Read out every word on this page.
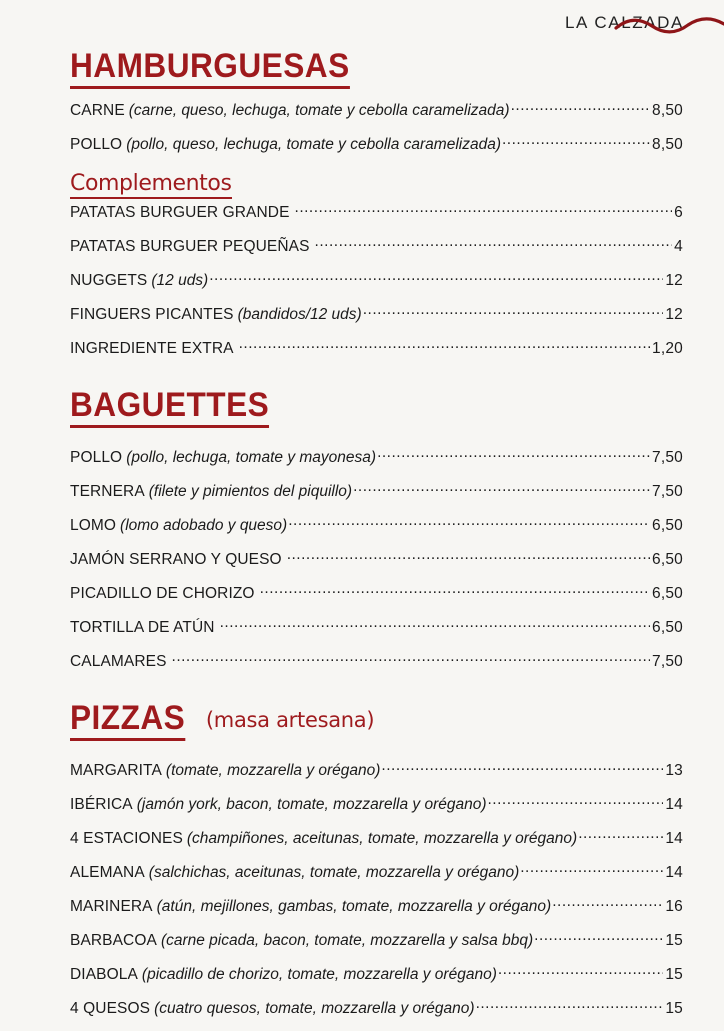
LA CALZADA
HAMBURGUESAS
CARNE (carne, queso, lechuga, tomate y cebolla caramelizada) .....	8,50
POLLO (pollo, queso, lechuga, tomate y cebolla caramelizada) .....	8,50
Complementos
PATATAS BURGUER GRANDE .....	6
PATATAS BURGUER PEQUEÑAS .....	4
NUGGETS (12 uds) .....	12
FINGUERS PICANTES (bandidos/12 uds) .....	12
INGREDIENTE EXTRA .....	1,20
BAGUETTES
POLLO (pollo, lechuga, tomate y mayonesa) .....	7,50
TERNERA (filete y pimientos del piquillo) .....	7,50
LOMO (lomo adobado y queso) .....	6,50
JAMÓN SERRANO Y QUESO .....	6,50
PICADILLO DE CHORIZO .....	6,50
TORTILLA DE ATÚN .....	6,50
CALAMARES .....	7,50
PIZZAS (masa artesana)
MARGARITA (tomate, mozzarella y orégano) .....	13
IBÉRICA (jamón york, bacon, tomate, mozzarella y orégano) .....	14
4 ESTACIONES (champiñones, aceitunas, tomate, mozzarella y orégano) .....	14
ALEMANA (salchichas, aceitunas, tomate, mozzarella y orégano) .....	14
MARINERA (atún, mejillones, gambas, tomate, mozzarella y orégano) .....	16
BARBACOA (carne picada, bacon, tomate, mozzarella y salsa bbq) .....	15
DIABOLA (picadillo de chorizo, tomate, mozzarella y orégano) .....	15
4 QUESOS (cuatro quesos, tomate, mozzarella y orégano) .....	15
